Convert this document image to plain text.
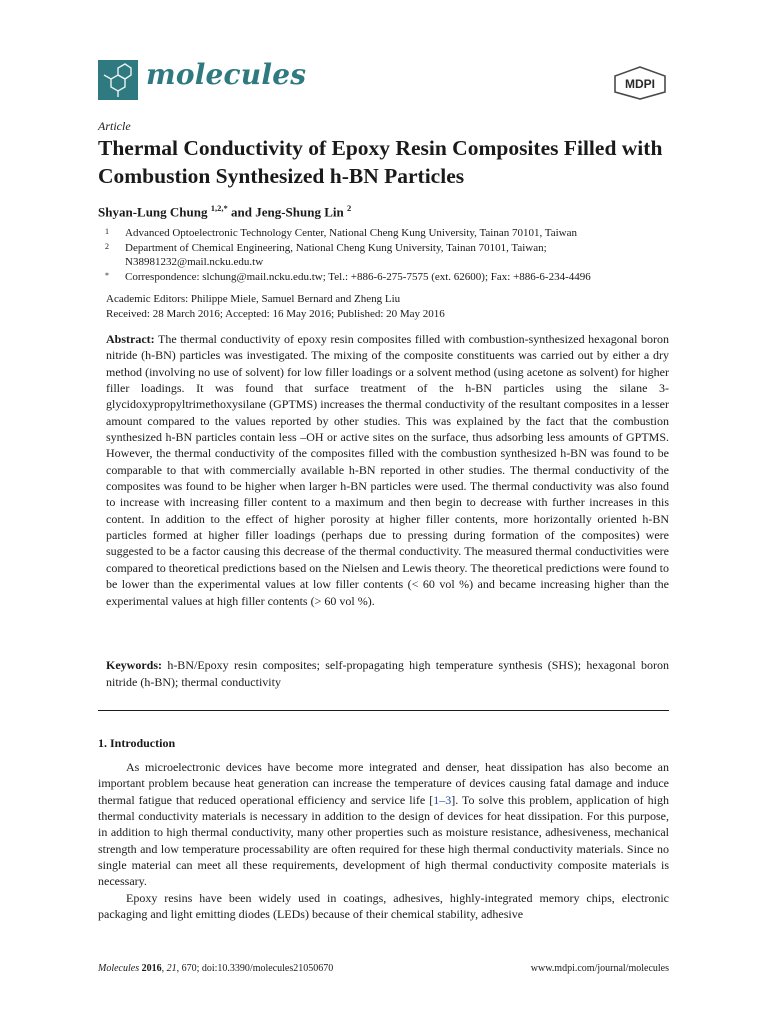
molecules	MDPI
Article
Thermal Conductivity of Epoxy Resin Composites Filled with Combustion Synthesized h-BN Particles
Shyan-Lung Chung $^{1,2,*}$ and Jeng-Shung Lin $^2$
1	Advanced Optoelectronic Technology Center, National Cheng Kung University, Tainan 70101, Taiwan
2	Department of Chemical Engineering, National Cheng Kung University, Tainan 70101, Taiwan; N38981232@mail.ncku.edu.tw
*	Correspondence: slchung@mail.ncku.edu.tw; Tel.: +886-6-275-7575 (ext. 62600); Fax: +886-6-234-4496
Academic Editors: Philippe Miele, Samuel Bernard and Zheng Liu
Received: 28 March 2016; Accepted: 16 May 2016; Published: 20 May 2016

Abstract: The thermal conductivity of epoxy resin composites filled with combustion-synthesized hexagonal boron nitride (h-BN) particles was investigated. The mixing of the composite constituents was carried out by either a dry method (involving no use of solvent) for low filler loadings or a solvent method (using acetone as solvent) for higher filler loadings. It was found that surface treatment of the h-BN particles using the silane 3-glycidoxypropyltrimethoxysilane (GPTMS) increases the thermal conductivity of the resultant composites in a lesser amount compared to the values reported by other studies. This was explained by the fact that the combustion synthesized h-BN particles contain less –OH or active sites on the surface, thus adsorbing less amounts of GPTMS. However, the thermal conductivity of the composites filled with the combustion synthesized h-BN was found to be comparable to that with commercially available h-BN reported in other studies. The thermal conductivity of the composites was found to be higher when larger h-BN particles were used. The thermal conductivity was also found to increase with increasing filler content to a maximum and then begin to decrease with further increases in this content. In addition to the effect of higher porosity at higher filler contents, more horizontally oriented h-BN particles formed at higher filler loadings (perhaps due to pressing during formation of the composites) were suggested to be a factor causing this decrease of the thermal conductivity. The measured thermal conductivities were compared to theoretical predictions based on the Nielsen and Lewis theory. The theoretical predictions were found to be lower than the experimental values at low filler contents (< 60 vol %) and became increasing higher than the experimental values at high filler contents (> 60 vol %).

Keywords: h-BN/Epoxy resin composites; self-propagating high temperature synthesis (SHS); hexagonal boron nitride (h-BN); thermal conductivity

1. Introduction

As microelectronic devices have become more integrated and denser, heat dissipation has also become an important problem because heat generation can increase the temperature of devices causing fatal damage and induce thermal fatigue that reduced operational efficiency and service life [1–3]. To solve this problem, application of high thermal conductivity materials is necessary in addition to the design of devices for heat dissipation. For this purpose, in addition to high thermal conductivity, many other properties such as moisture resistance, adhesiveness, mechanical strength and low temperature processability are often required for these high thermal conductivity materials. Since no single material can meet all these requirements, development of high thermal conductivity composite materials is necessary.

Epoxy resins have been widely used in coatings, adhesives, highly-integrated memory chips, electronic packaging and light emitting diodes (LEDs) because of their chemical stability, adhesive

Molecules 2016, 21, 670; doi:10.3390/molecules21050670	www.mdpi.com/journal/molecules
